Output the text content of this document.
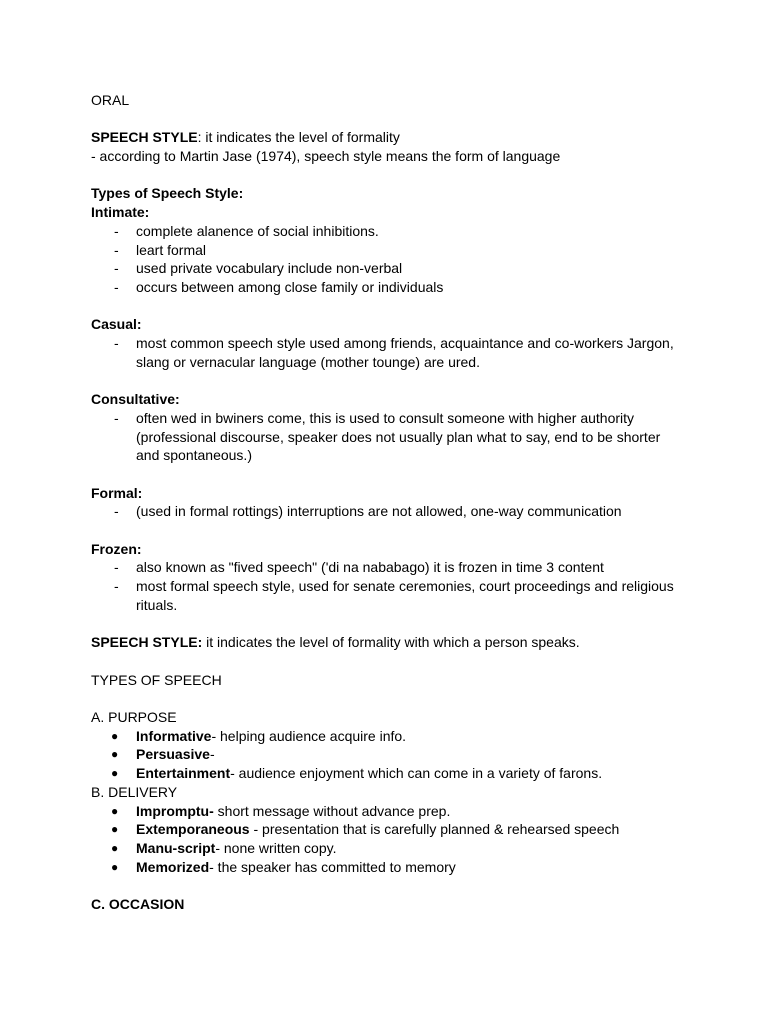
ORAL

SPEECH STYLE: it indicates the level of formality

- according to Martin Jase (1974), speech style means the form of language

Types of Speech Style:

Intimate:

- complete alanence of social inhibitions.
- leart formal
- used private vocabulary include non-verbal
- occurs between among close family or individuals

Casual:

- most common speech style used among friends, acquaintance and co-workers Jargon, slang or vernacular language (mother tounge) are ured.

Consultative:

- often wed in bwiners come, this is used to consult someone with higher authority (professional discourse, speaker does not usually plan what to say, end to be shorter and spontaneous.)

Formal:

- (used in formal rottings) interruptions are not allowed, one-way communication

Frozen:

- also known as "fived speech" ('di na nababago) it is frozen in time 3 content
- most formal speech style, used for senate ceremonies, court proceedings and religious rituals.

SPEECH STYLE: it indicates the level of formality with which a person speaks.

TYPES OF SPEECH

A. PURPOSE

● Informative- helping audience acquire info.
● Persuasive-
● Entertainment- audience enjoyment which can come in a variety of farons.

B. DELIVERY

● Impromptu- short message without advance prep.
● Extemporaneous - presentation that is carefully planned & rehearsed speech
● Manu-script- none written copy.
● Memorized- the speaker has committed to memory

C. OCCASION
